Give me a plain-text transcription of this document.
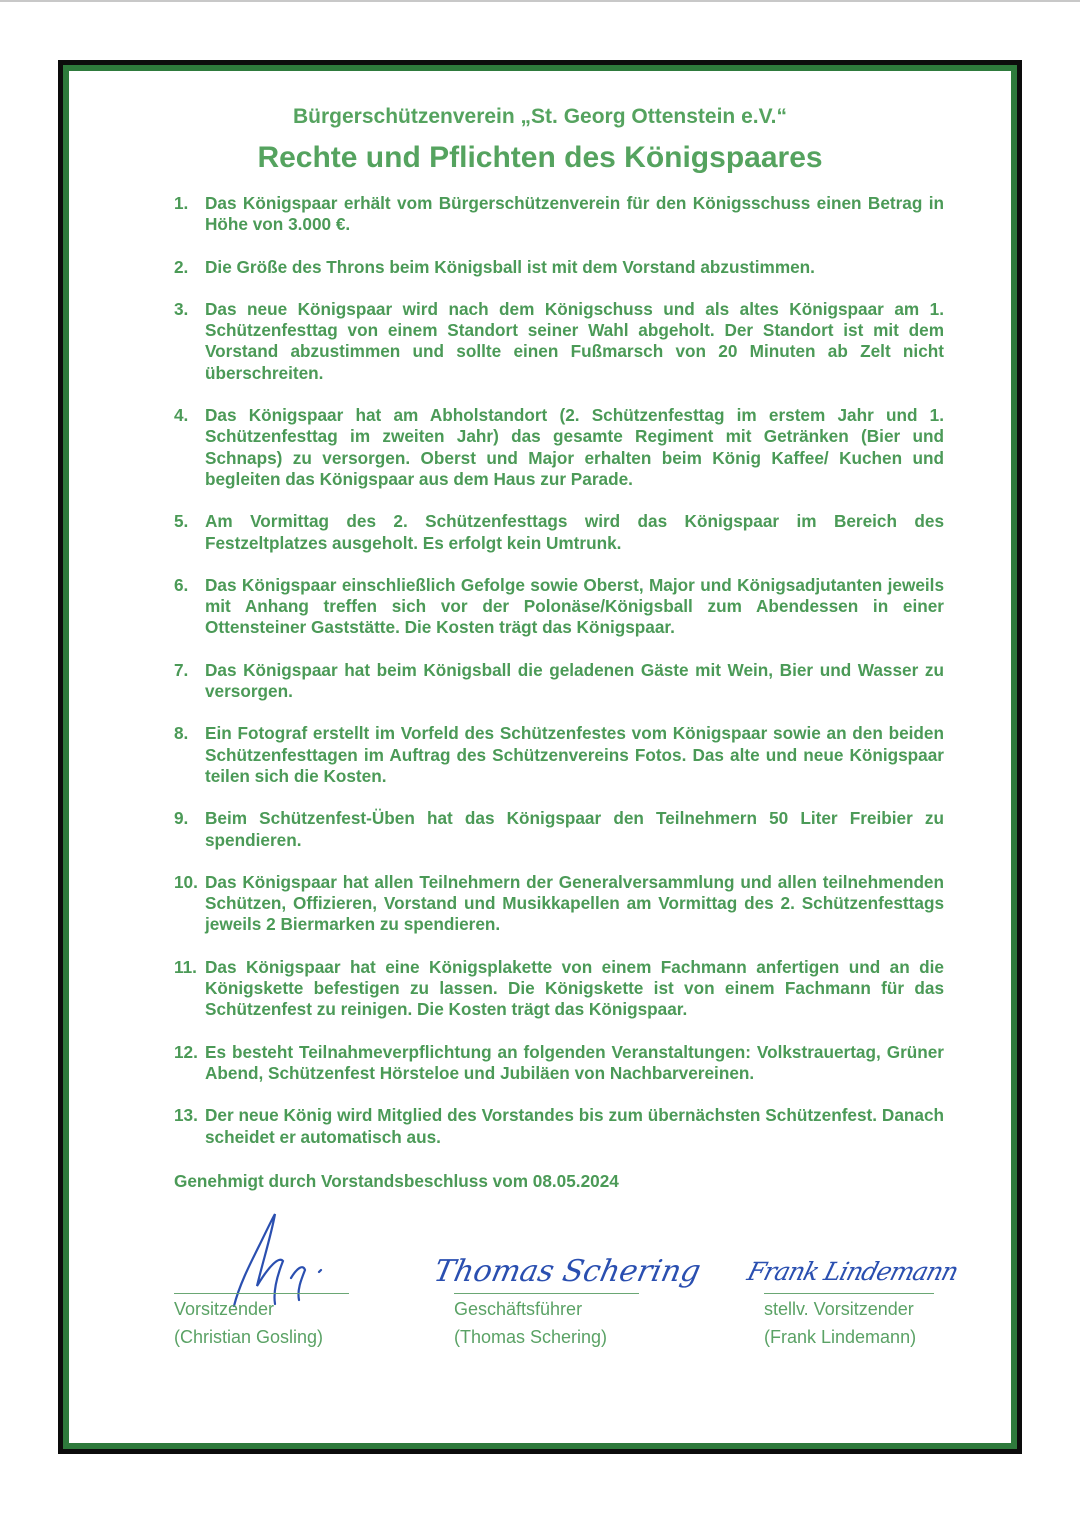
Bürgerschützenverein „St. Georg Ottenstein e.V.“
Rechte und Pflichten des Königspaares
1. Das Königspaar erhält vom Bürgerschützenverein für den Königsschuss einen Betrag in Höhe von 3.000 €.
2. Die Größe des Throns beim Königsball ist mit dem Vorstand abzustimmen.
3. Das neue Königspaar wird nach dem Königschuss und als altes Königspaar am 1. Schützenfesttag von einem Standort seiner Wahl abgeholt. Der Standort ist mit dem Vorstand abzustimmen und sollte einen Fußmarsch von 20 Minuten ab Zelt nicht überschreiten.
4. Das Königspaar hat am Abholstandort (2. Schützenfesttag im erstem Jahr und 1. Schützenfesttag im zweiten Jahr) das gesamte Regiment mit Getränken (Bier und Schnaps) zu versorgen. Oberst und Major erhalten beim König Kaffee/ Kuchen und begleiten das Königspaar aus dem Haus zur Parade.
5. Am Vormittag des 2. Schützenfesttags wird das Königspaar im Bereich des Festzeltplatzes ausgeholt. Es erfolgt kein Umtrunk.
6. Das Königspaar einschließlich Gefolge sowie Oberst, Major und Königsadjutanten jeweils mit Anhang treffen sich vor der Polonäse/Königsball zum Abendessen in einer Ottensteiner Gaststätte. Die Kosten trägt das Königspaar.
7. Das Königspaar hat beim Königsball die geladenen Gäste mit Wein, Bier und Wasser zu versorgen.
8. Ein Fotograf erstellt im Vorfeld des Schützenfestes vom Königspaar sowie an den beiden Schützenfesttagen im Auftrag des Schützenvereins Fotos. Das alte und neue Königspaar teilen sich die Kosten.
9. Beim Schützenfest-Üben hat das Königspaar den Teilnehmern 50 Liter Freibier zu spendieren.
10. Das Königspaar hat allen Teilnehmern der Generalversammlung und allen teilnehmenden Schützen, Offizieren, Vorstand und Musikkapellen am Vormittag des 2. Schützenfesttags jeweils 2 Biermarken zu spendieren.
11. Das Königspaar hat eine Königsplakette von einem Fachmann anfertigen und an die Königskette befestigen zu lassen. Die Königskette ist von einem Fachmann für das Schützenfest zu reinigen. Die Kosten trägt das Königspaar.
12. Es besteht Teilnahmeverpflichtung an folgenden Veranstaltungen: Volkstrauertag, Grüner Abend, Schützenfest Hörsteloe und Jubiläen von Nachbarvereinen.
13. Der neue König wird Mitglied des Vorstandes bis zum übernächsten Schützenfest. Danach scheidet er automatisch aus.
Genehmigt durch Vorstandsbeschluss vom 08.05.2024
Vorsitzender
(Christian Gosling)
Thomas Schering
Geschäftsführer
(Thomas Schering)
Frank Lindemann
stellv. Vorsitzender
(Frank Lindemann)
